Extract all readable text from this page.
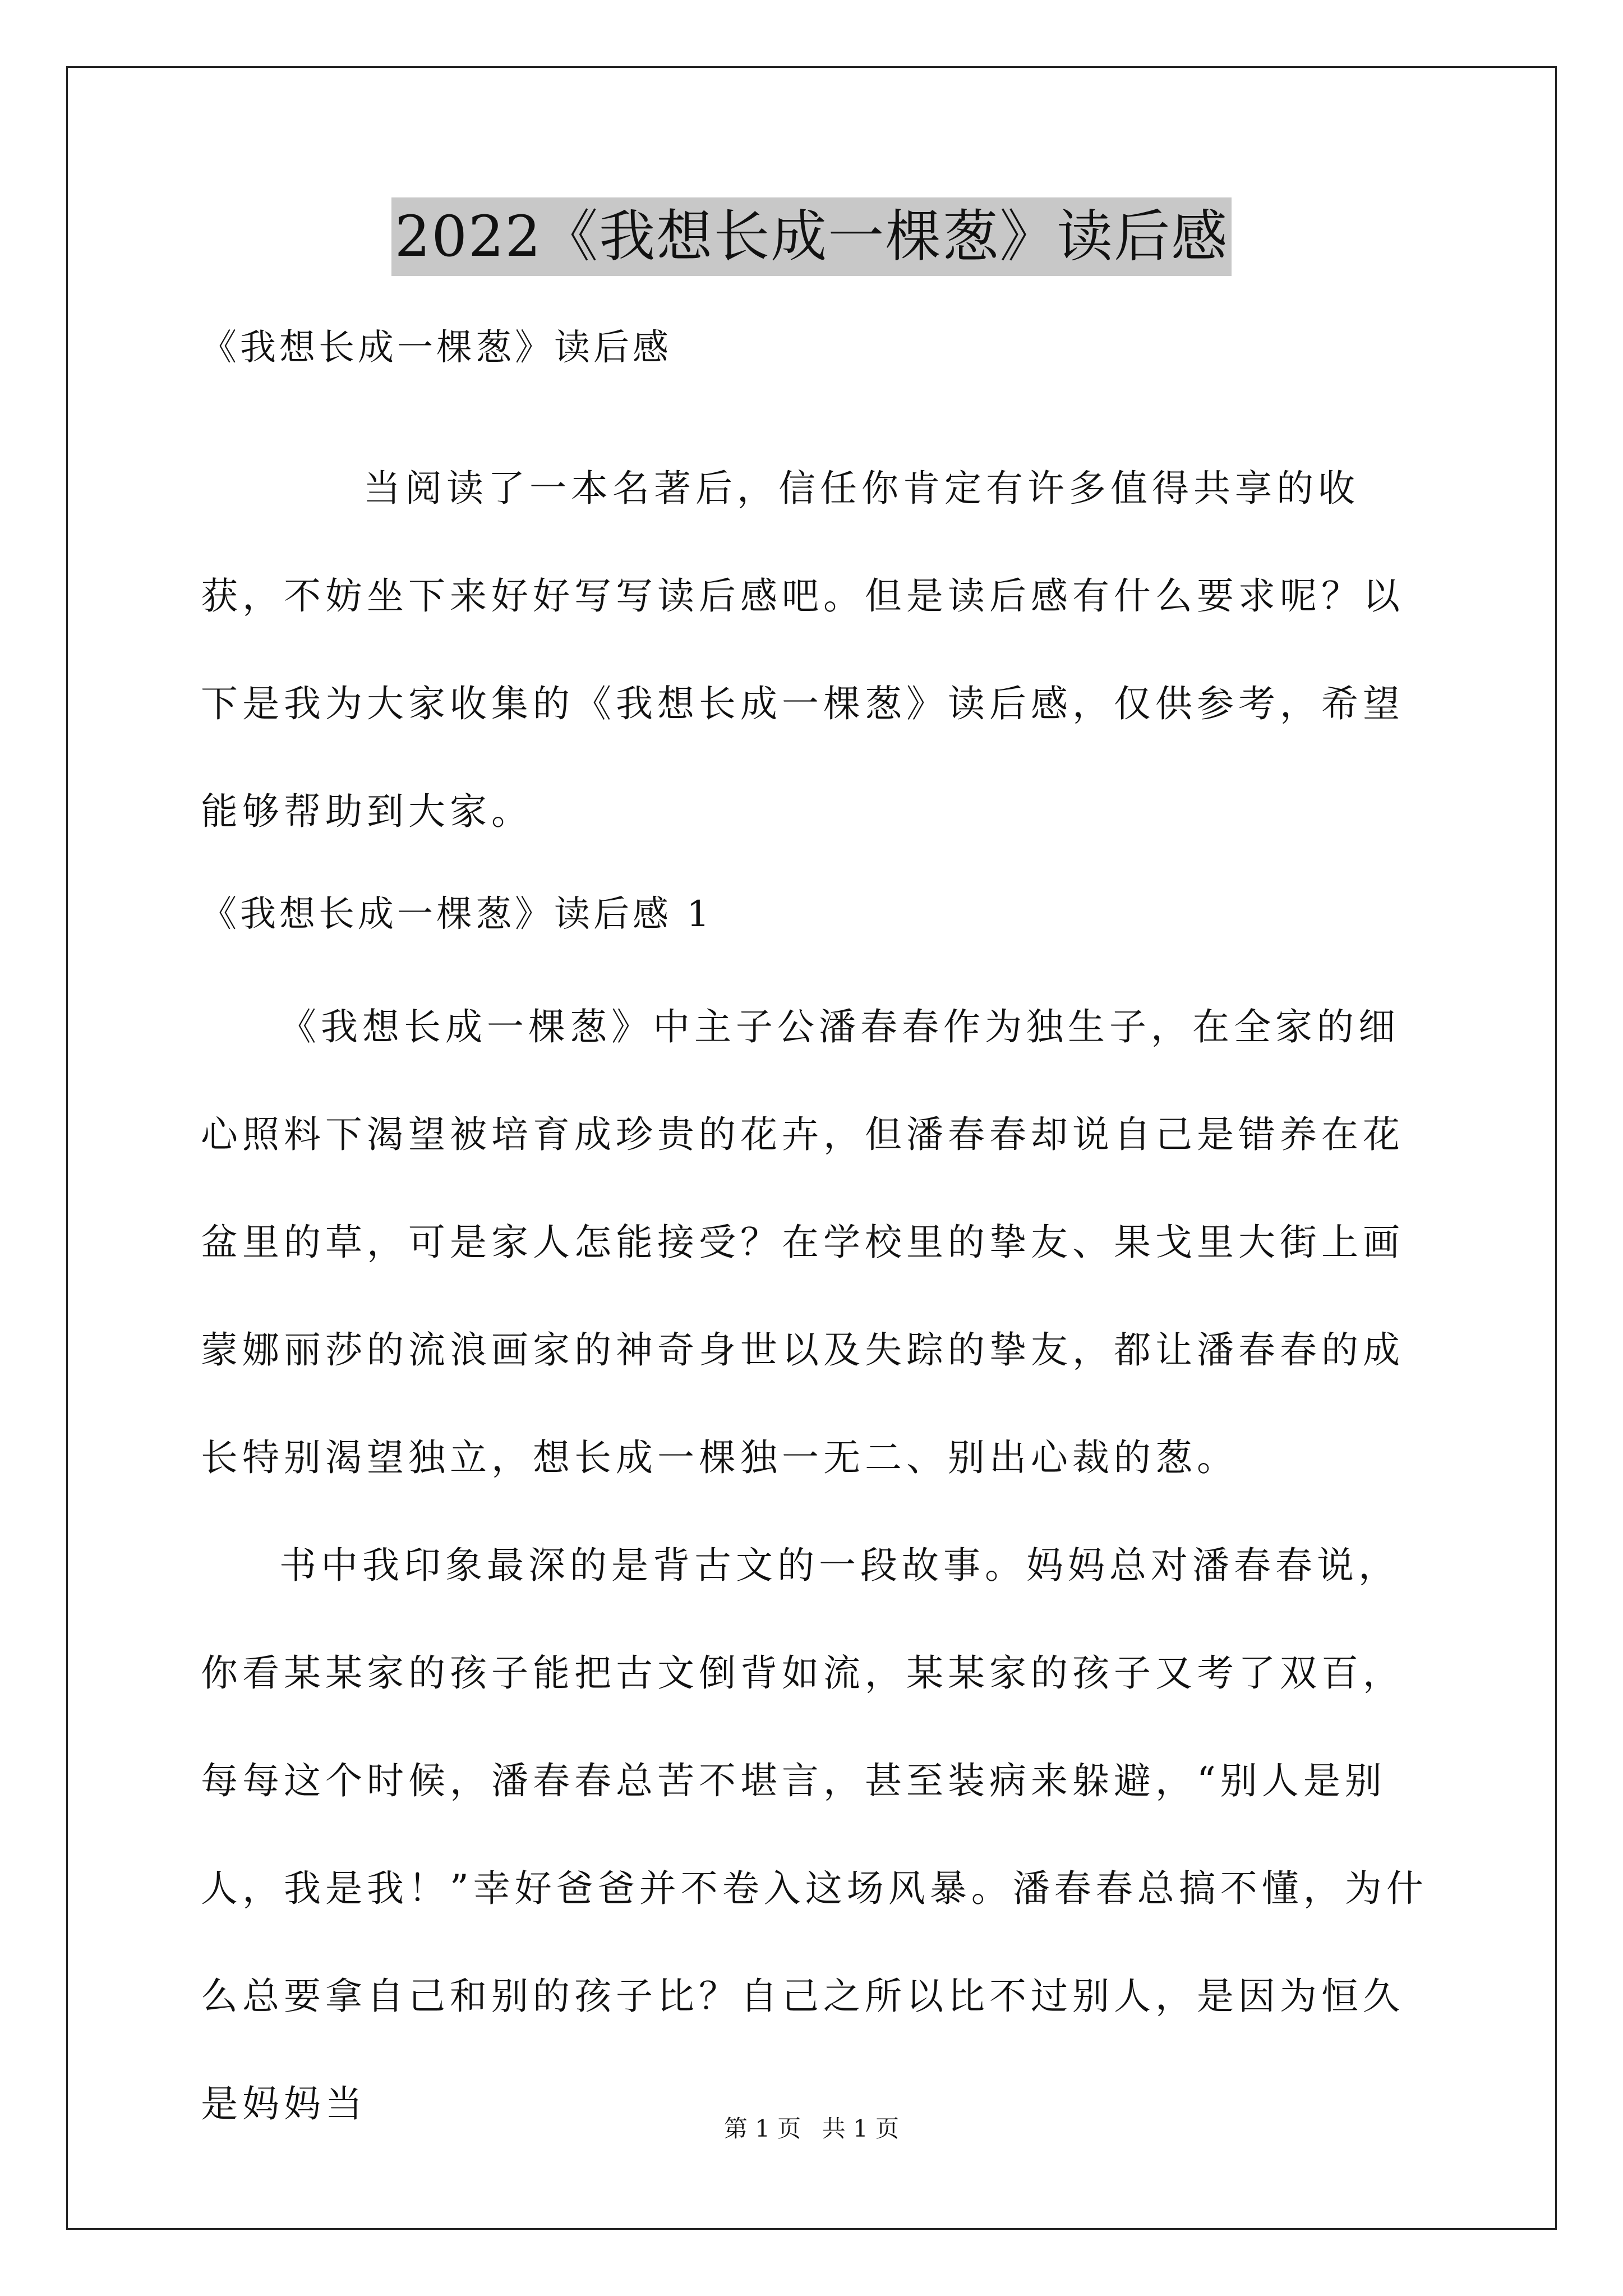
2022《我想长成一棵葱》读后感

《我想长成一棵葱》读后感

当阅读了一本名著后，信任你肯定有许多值得共享的收获，不妨坐下来好好写写读后感吧。但是读后感有什么要求呢？以下是我为大家收集的《我想长成一棵葱》读后感，仅供参考，希望能够帮助到大家。

《我想长成一棵葱》读后感 1

《我想长成一棵葱》中主子公潘春春作为独生子，在全家的细心照料下渴望被培育成珍贵的花卉，但潘春春却说自己是错养在花盆里的草，可是家人怎能接受？在学校里的挚友、果戈里大街上画蒙娜丽莎的流浪画家的神奇身世以及失踪的挚友，都让潘春春的成长特别渴望独立，想长成一棵独一无二、别出心裁的葱。

书中我印象最深的是背古文的一段故事。妈妈总对潘春春说，你看某某家的孩子能把古文倒背如流，某某家的孩子又考了双百，每每这个时候，潘春春总苦不堪言，甚至装病来躲避，“别人是别人，我是我！”幸好爸爸并不卷入这场风暴。潘春春总搞不懂，为什么总要拿自己和别的孩子比？自己之所以比不过别人，是因为恒久是妈妈当

第 1 页 共 1 页
